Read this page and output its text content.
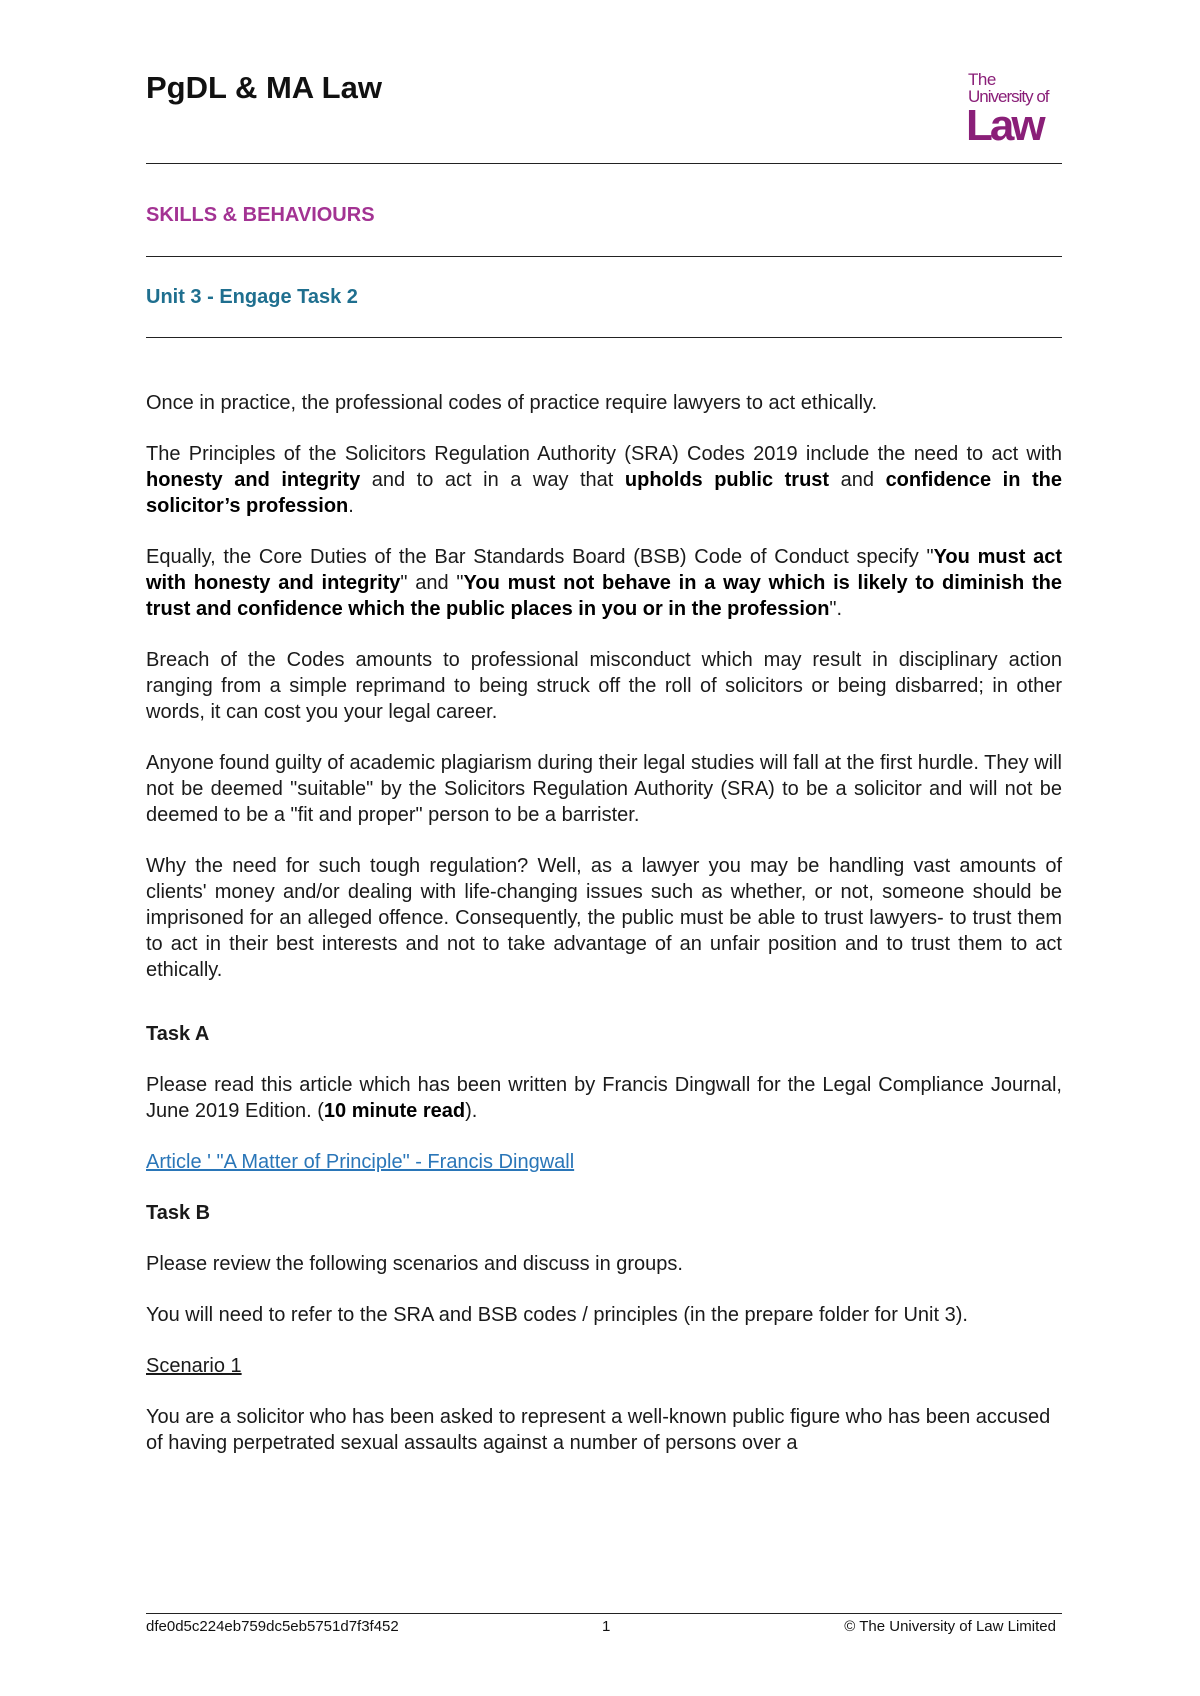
PgDL & MA Law	The
University of
Law
SKILLS & BEHAVIOURS
Unit 3 - Engage Task 2

Once in practice, the professional codes of practice require lawyers to act ethically.

The Principles of the Solicitors Regulation Authority (SRA) Codes 2019 include the need to act with honesty and integrity and to act in a way that upholds public trust and confidence in the solicitor’s profession.

Equally, the Core Duties of the Bar Standards Board (BSB) Code of Conduct specify "You must act with honesty and integrity" and "You must not behave in a way which is likely to diminish the trust and confidence which the public places in you or in the profession".

Breach of the Codes amounts to professional misconduct which may result in disciplinary action ranging from a simple reprimand to being struck off the roll of solicitors or being disbarred; in other words, it can cost you your legal career.

Anyone found guilty of academic plagiarism during their legal studies will fall at the first hurdle. They will not be deemed "suitable" by the Solicitors Regulation Authority (SRA) to be a solicitor and will not be deemed to be a "fit and proper" person to be a barrister.

Why the need for such tough regulation? Well, as a lawyer you may be handling vast amounts of clients' money and/or dealing with life-changing issues such as whether, or not, someone should be imprisoned for an alleged offence. Consequently, the public must be able to trust lawyers- to trust them to act in their best interests and not to take advantage of an unfair position and to trust them to act ethically.

Task A

Please read this article which has been written by Francis Dingwall for the Legal Compliance Journal, June 2019 Edition. (10 minute read).

Article ' "A Matter of Principle" - Francis Dingwall

Task B

Please review the following scenarios and discuss in groups.

You will need to refer to the SRA and BSB codes / principles (in the prepare folder for Unit 3).

Scenario 1

You are a solicitor who has been asked to represent a well-known public figure who has been accused of having perpetrated sexual assaults against a number of persons over a

dfe0d5c224eb759dc5eb5751d7f3f452	1	© The University of Law Limited
